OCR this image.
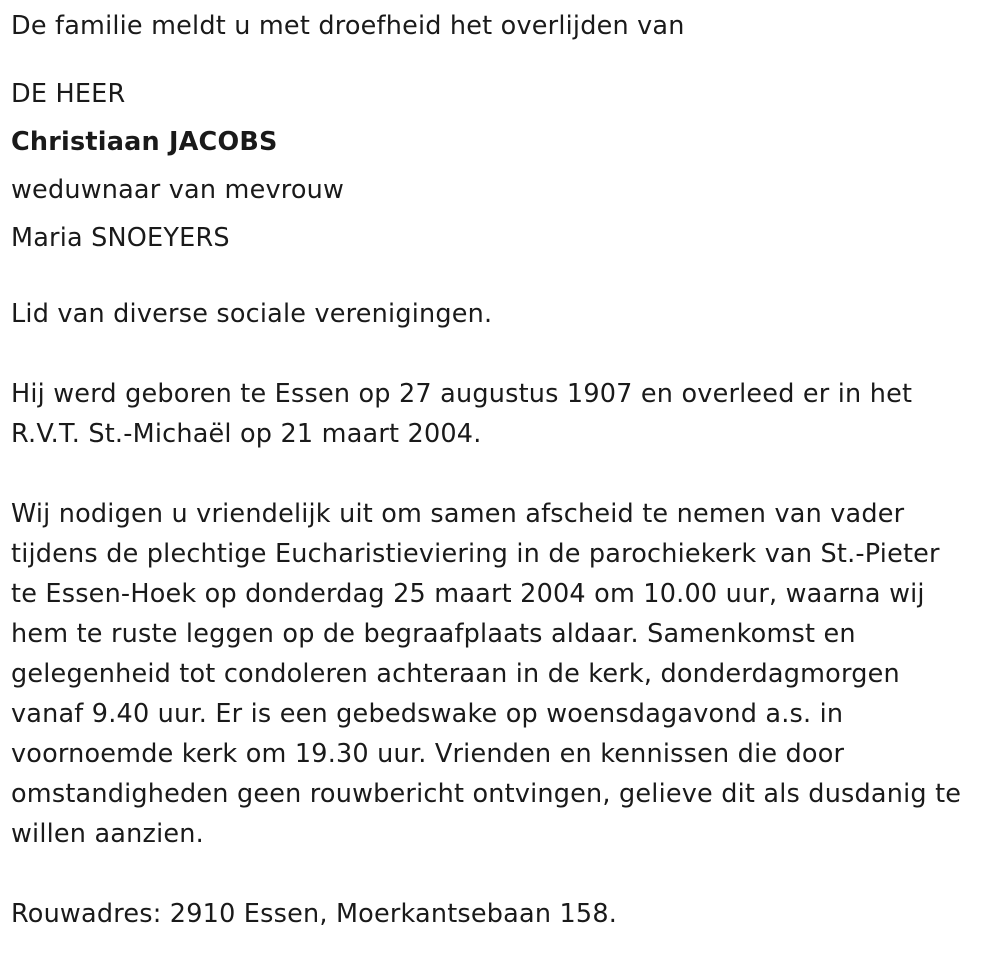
De familie meldt u met droefheid het overlijden van
DE HEER
Christiaan JACOBS
weduwnaar van mevrouw
Maria SNOEYERS
Lid van diverse sociale verenigingen.
Hij werd geboren te Essen op 27 augustus 1907 en overleed er in het
R.V.T. St.-Michaël op 21 maart 2004.
Wij nodigen u vriendelijk uit om samen afscheid te nemen van vader
tijdens de plechtige Eucharistieviering in de parochiekerk van St.-Pieter
te Essen-Hoek op donderdag 25 maart 2004 om 10.00 uur, waarna wij
hem te ruste leggen op de begraafplaats aldaar. Samenkomst en
gelegenheid tot condoleren achteraan in de kerk, donderdagmorgen
vanaf 9.40 uur. Er is een gebedswake op woensdagavond a.s. in
voornoemde kerk om 19.30 uur. Vrienden en kennissen die door
omstandigheden geen rouwbericht ontvingen, gelieve dit als dusdanig te
willen aanzien.
Rouwadres: 2910 Essen, Moerkantsebaan 158.
